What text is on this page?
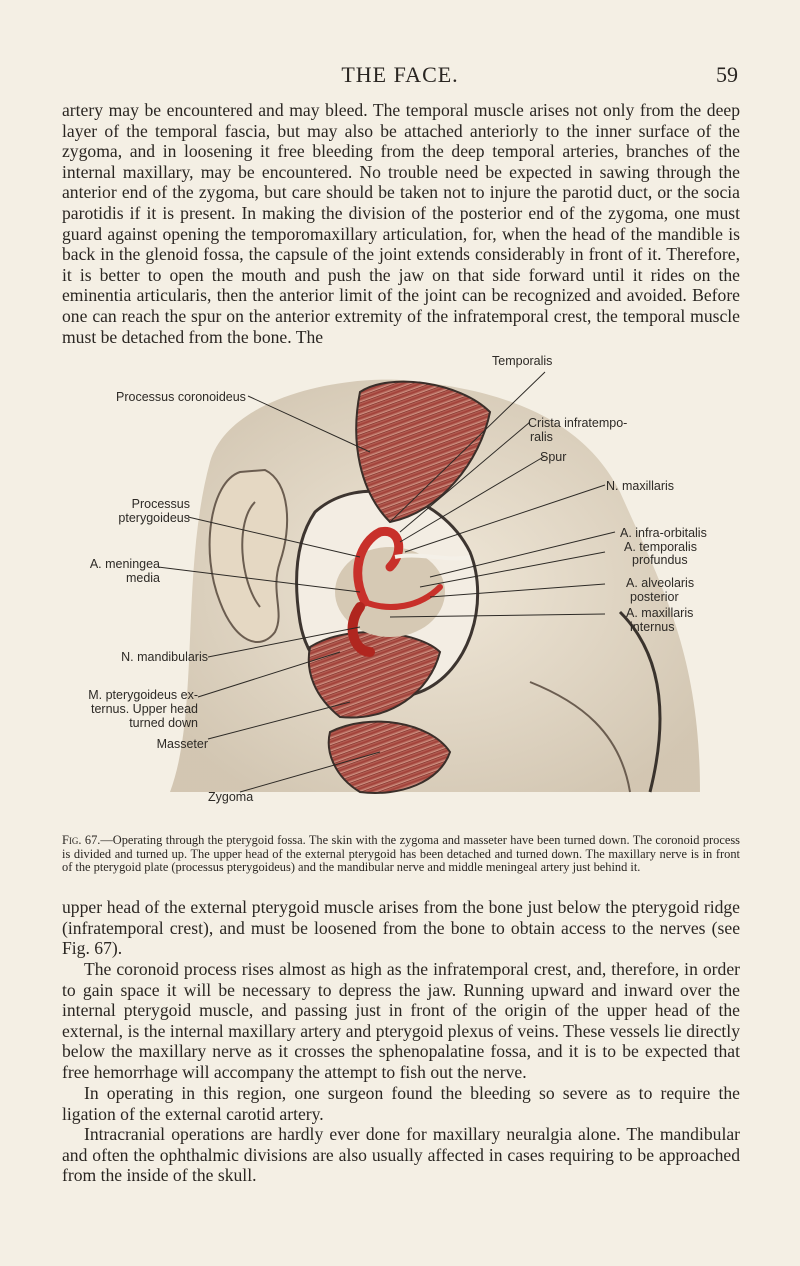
THE FACE.	59

artery may be encountered and may bleed. The temporal muscle arises not only from the deep layer of the temporal fascia, but may also be attached anteriorly to the inner surface of the zygoma, and in loosening it free bleeding from the deep temporal arteries, branches of the internal maxillary, may be encountered. No trouble need be expected in sawing through the anterior end of the zygoma, but care should be taken not to injure the parotid duct, or the socia parotidis if it is present. In making the division of the posterior end of the zygoma, one must guard against opening the temporomaxillary articulation, for, when the head of the mandible is back in the glenoid fossa, the capsule of the joint extends considerably in front of it. Therefore, it is better to open the mouth and push the jaw on that side forward until it rides on the eminentia articularis, then the anterior limit of the joint can be recognized and avoided. Before one can reach the spur on the anterior extremity of the infratemporal crest, the temporal muscle must be detached from the bone. The

Temporalis
Processus coronoideus
Crista infratempo-
ralis
Spur
N. maxillaris
Processus
pterygoideus
A. infra-orbitalis
A. temporalis
profundus
A. meningea
media	A. alveolaris
posterior
A. maxillaris
internus
N. mandibularis
M. pterygoideus ex-
ternus. Upper head
turned down
Masseter
Zygoma

Fig. 67.—Operating through the pterygoid fossa. The skin with the zygoma and masseter have been turned down. The coronoid process is divided and turned up. The upper head of the external pterygoid has been detached and turned down. The maxillary nerve is in front of the pterygoid plate (processus pterygoideus) and the mandibular nerve and middle meningeal artery just behind it.

upper head of the external pterygoid muscle arises from the bone just below the pterygoid ridge (infratemporal crest), and must be loosened from the bone to obtain access to the nerves (see Fig. 67).

The coronoid process rises almost as high as the infratemporal crest, and, therefore, in order to gain space it will be necessary to depress the jaw. Running upward and inward over the internal pterygoid muscle, and passing just in front of the origin of the upper head of the external, is the internal maxillary artery and pterygoid plexus of veins. These vessels lie directly below the maxillary nerve as it crosses the sphenopalatine fossa, and it is to be expected that free hemorrhage will accompany the attempt to fish out the nerve.

In operating in this region, one surgeon found the bleeding so severe as to require the ligation of the external carotid artery.

Intracranial operations are hardly ever done for maxillary neuralgia alone. The mandibular and often the ophthalmic divisions are also usually affected in cases requiring to be approached from the inside of the skull.
